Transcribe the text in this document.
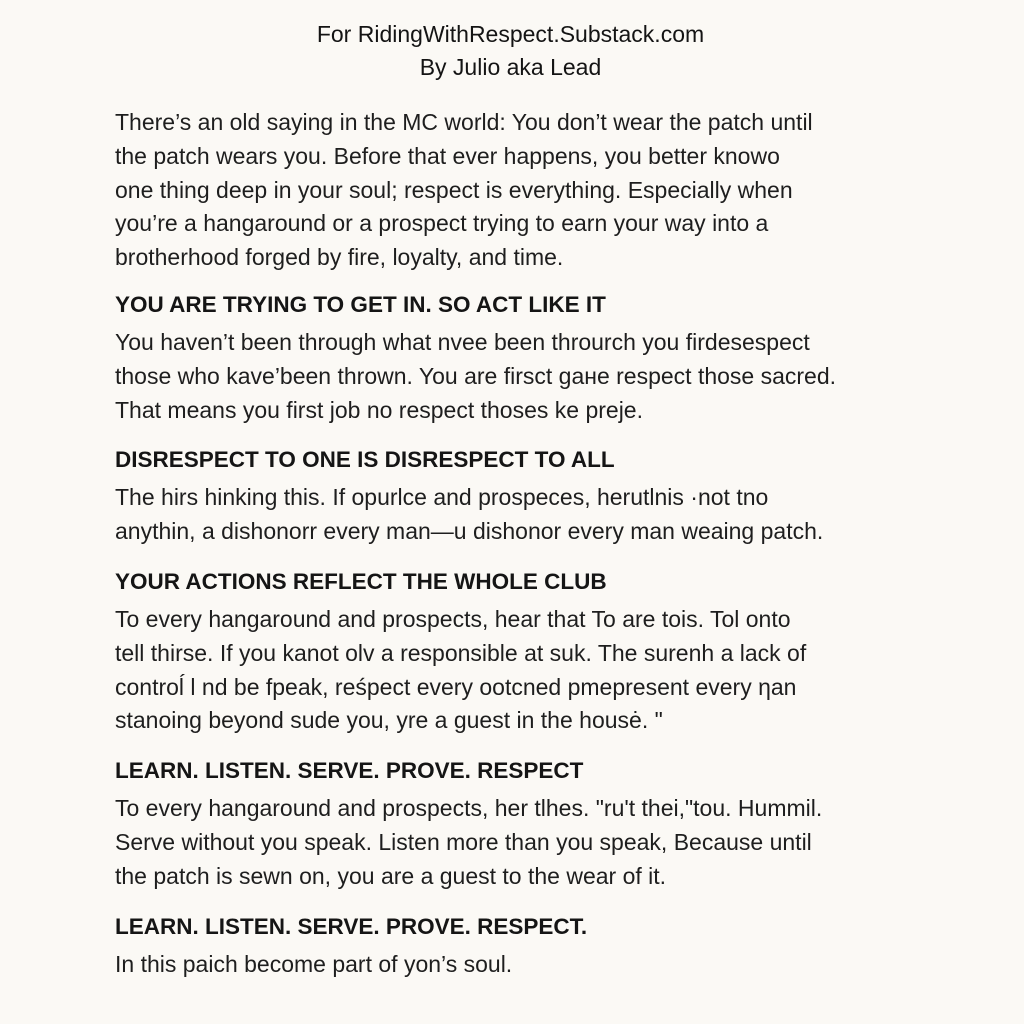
For RidingWithRespect.Substack.com
By Julio aka Lead
There’s an old saying in the MC world: You don’t wear the patch until
the patch wears you. Before that ever happens, you better knowo
one thing deep in your soul; respect is everything. Especially when
you’re a hangaround or a prospect trying to earn your way into a
brotherhood forged by fire, loyalty, and time.
YOU ARE TRYING TO GET IN. SO ACT LIKE IT
You haven’t been through what nvee been throurch you firdesespect
those who kave’been thrown. You are firsct gaне respect those sacred.
That means you first job nо respect thoses ke preje.
DISRESPECT TO ONE IS DISRESPECT TO ALL
The hirs hinking this. If opurlce and prospeces, herutlnis ·not tno
anythin, a dishonorr every man—u dishonor every man weaing patch.
YOUR ACTIONS REFLECT THE WHOLE CLUB
To every hangaround and prospects, hear that To are tois. Tol onto
tell thirse. If you kanot olv a responsible at suk. The surenh a lack of
controĺ l nd be fpeak, reśpect every ootcned pmepresent every ηan
stanoing beyond sude you, yre a guest in the housė. "
LEARN. LISTEN. SERVE. PROVE. RESPECT
To every hangaround and prospects, her tlhes. "ru't thei,"tou. Hummil.
Serve without you speak. Listen more than you speak, Because until
the patch is sewn on, you are a guest to the wear of it.
LEARN. LISTEN. SERVE. PROVE. RESPECT.
In this paich become part of yon’s soul.
